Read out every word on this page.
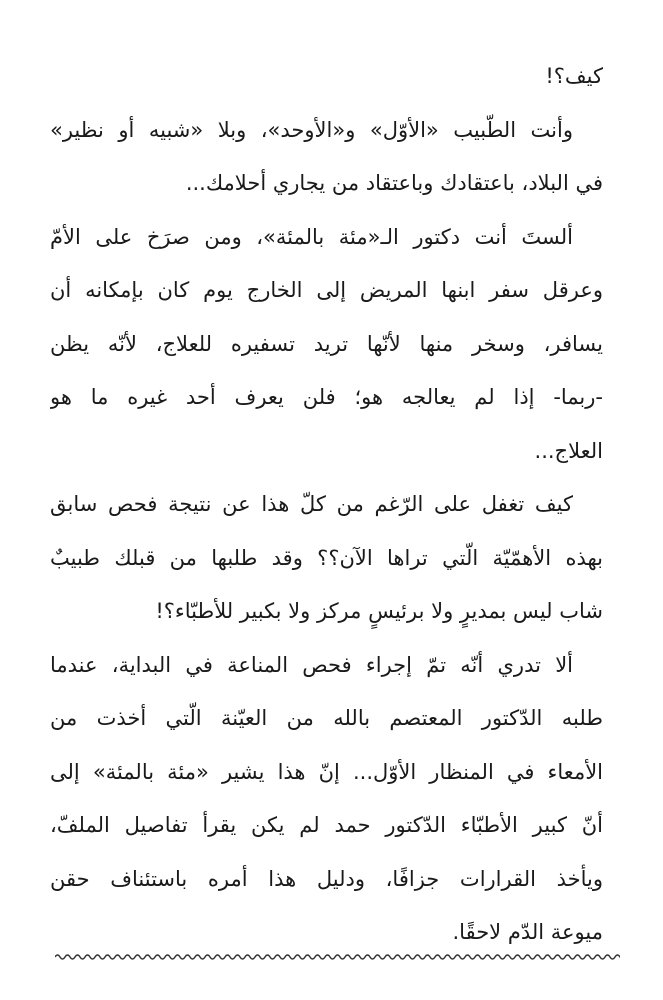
كيف؟!
وأنت الطّبيب «الأوّل» و«الأوحد»، وبلا «شبيه أو نظير»
في البلاد، باعتقادك وباعتقاد من يجاري أحلامك...
ألستَ أنت دكتور الـ«مئة بالمئة»، ومن صرَخ على الأمّ
وعرقل سفر ابنها المريض إلى الخارج يوم كان بإمكانه أن
يسافر، وسخر منها لأنّها تريد تسفيره للعلاج، لأنّه يظن
-ربما- إذا لم يعالجه هو؛ فلن يعرف أحد غيره ما هو
العلاج...
كيف تغفل على الرّغم من كلّ هذا عن نتيجة فحص سابق
بهذه الأهمّيّة الّتي تراها الآن؟؟ وقد طلبها من قبلك طبيبٌ
شاب ليس بمديرٍ ولا برئيسٍ مركز ولا بكبير للأطبّاء؟!
ألا تدري أنّه تمّ إجراء فحص المناعة في البداية، عندما
طلبه الدّكتور المعتصم بالله من العيّنة الّتي أخذت من
الأمعاء في المنظار الأوّل... إنّ هذا يشير «مئة بالمئة» إلى
أنّ كبير الأطبّاء الدّكتور حمد لم يكن يقرأ تفاصيل الملفّ،
ويأخذ القرارات جزافًا، ودليل هذا أمره باستئناف حقن
ميوعة الدّم لاحقًا.
